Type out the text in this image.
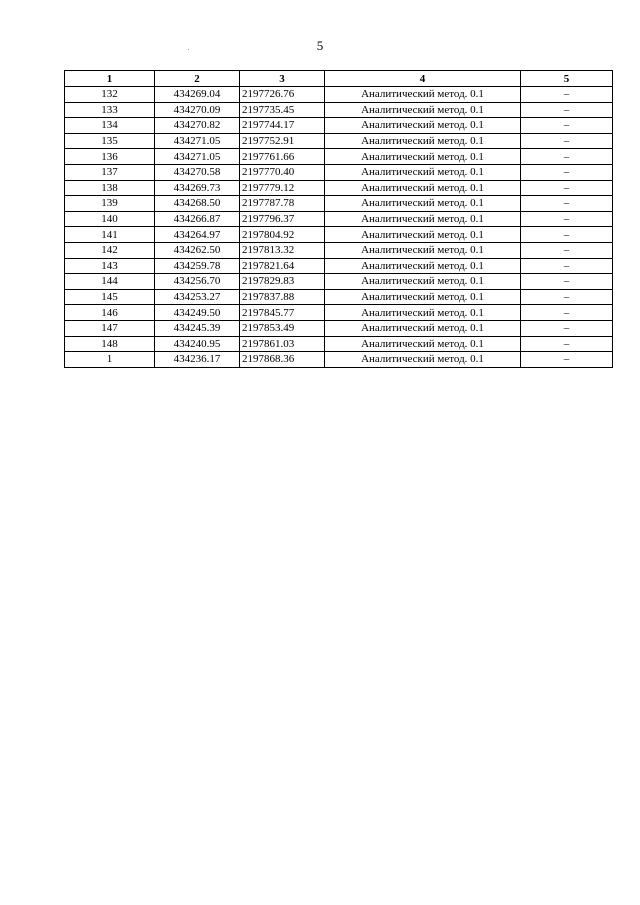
5
1	2	3	4	5
132	434269.04	2197726.76	Аналитический метод. 0.1	–
133	434270.09	2197735.45	Аналитический метод. 0.1	–
134	434270.82	2197744.17	Аналитический метод. 0.1	–
135	434271.05	2197752.91	Аналитический метод. 0.1	–
136	434271.05	2197761.66	Аналитический метод. 0.1	–
137	434270.58	2197770.40	Аналитический метод. 0.1	–
138	434269.73	2197779.12	Аналитический метод. 0.1	–
139	434268.50	2197787.78	Аналитический метод. 0.1	–
140	434266.87	2197796.37	Аналитический метод. 0.1	–
141	434264.97	2197804.92	Аналитический метод. 0.1	–
142	434262.50	2197813.32	Аналитический метод. 0.1	–
143	434259.78	2197821.64	Аналитический метод. 0.1	–
144	434256.70	2197829.83	Аналитический метод. 0.1	–
145	434253.27	2197837.88	Аналитический метод. 0.1	–
146	434249.50	2197845.77	Аналитический метод. 0.1	–
147	434245.39	2197853.49	Аналитический метод. 0.1	–
148	434240.95	2197861.03	Аналитический метод. 0.1	–
1	434236.17	2197868.36	Аналитический метод. 0.1	–
